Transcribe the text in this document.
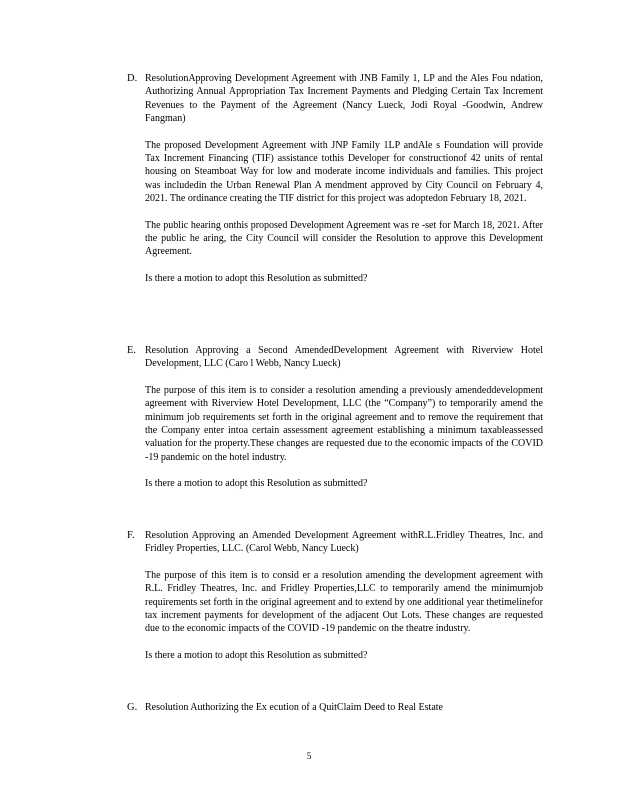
D. ResolutionApproving Development Agreement with JNB Family 1, LP and the Ales Fou ndation, Authorizing Annual Appropriation Tax Increment Payments and Pledging Certain Tax Increment Revenues to the Payment of the Agreement (Nancy Lueck, Jodi Royal -Goodwin, Andrew Fangman)

The proposed Development Agreement with JNP Family 1LP andAle s Foundation will provide Tax Increment Financing (TIF) assistance tothis Developer for constructionof 42 units of rental housing on Steamboat Way for low and moderate income individuals and families. This project was includedin the Urban Renewal Plan A mendment approved by City Council on February 4, 2021. The ordinance creating the TIF district for this project was adoptedon February 18, 2021.

The public hearing onthis proposed Development Agreement was re -set for March 18, 2021. After the public he aring, the City Council will consider the Resolution to approve this Development Agreement.

Is there a motion to adopt this Resolution as submitted?

E. Resolution Approving a Second AmendedDevelopment Agreement with Riverview Hotel Development, LLC (Caro l Webb, Nancy Lueck)

The purpose of this item is to consider a resolution amending a previously amendeddevelopment agreement with Riverview Hotel Development, LLC (the “Company”) to temporarily amend the minimum job requirements set forth in the original agreement and to remove the requirement that the Company enter intoa certain assessment agreement establishing a minimum taxableassessed valuation for the property.These changes are requested due to the economic impacts of the COVID -19 pandemic on the hotel industry.

Is there a motion to adopt this Resolution as submitted?

F. Resolution Approving an Amended Development Agreement withR.L.Fridley Theatres, Inc. and Fridley Properties, LLC. (Carol Webb, Nancy Lueck)

The purpose of this item is to consid er a resolution amending the development agreement with R.L. Fridley Theatres, Inc. and Fridley Properties,LLC to temporarily amend the minimumjob requirements set forth in the original agreement and to extend by one additional year thetimelinefor tax increment payments for development of the adjacent Out Lots. These changes are requested due to the economic impacts of the COVID -19 pandemic on the theatre industry.

Is there a motion to adopt this Resolution as submitted?

G. Resolution Authorizing the Ex ecution of a QuitClaim Deed to Real Estate

5
